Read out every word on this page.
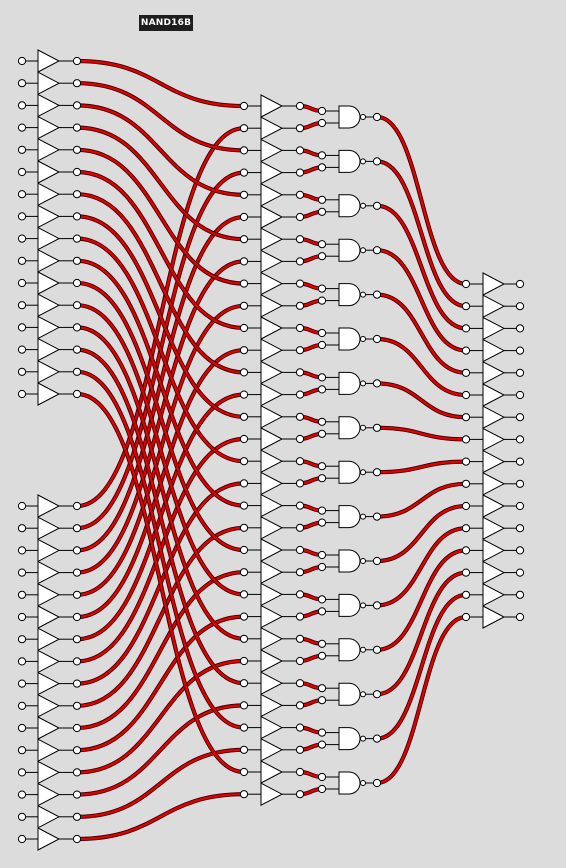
NAND16B
